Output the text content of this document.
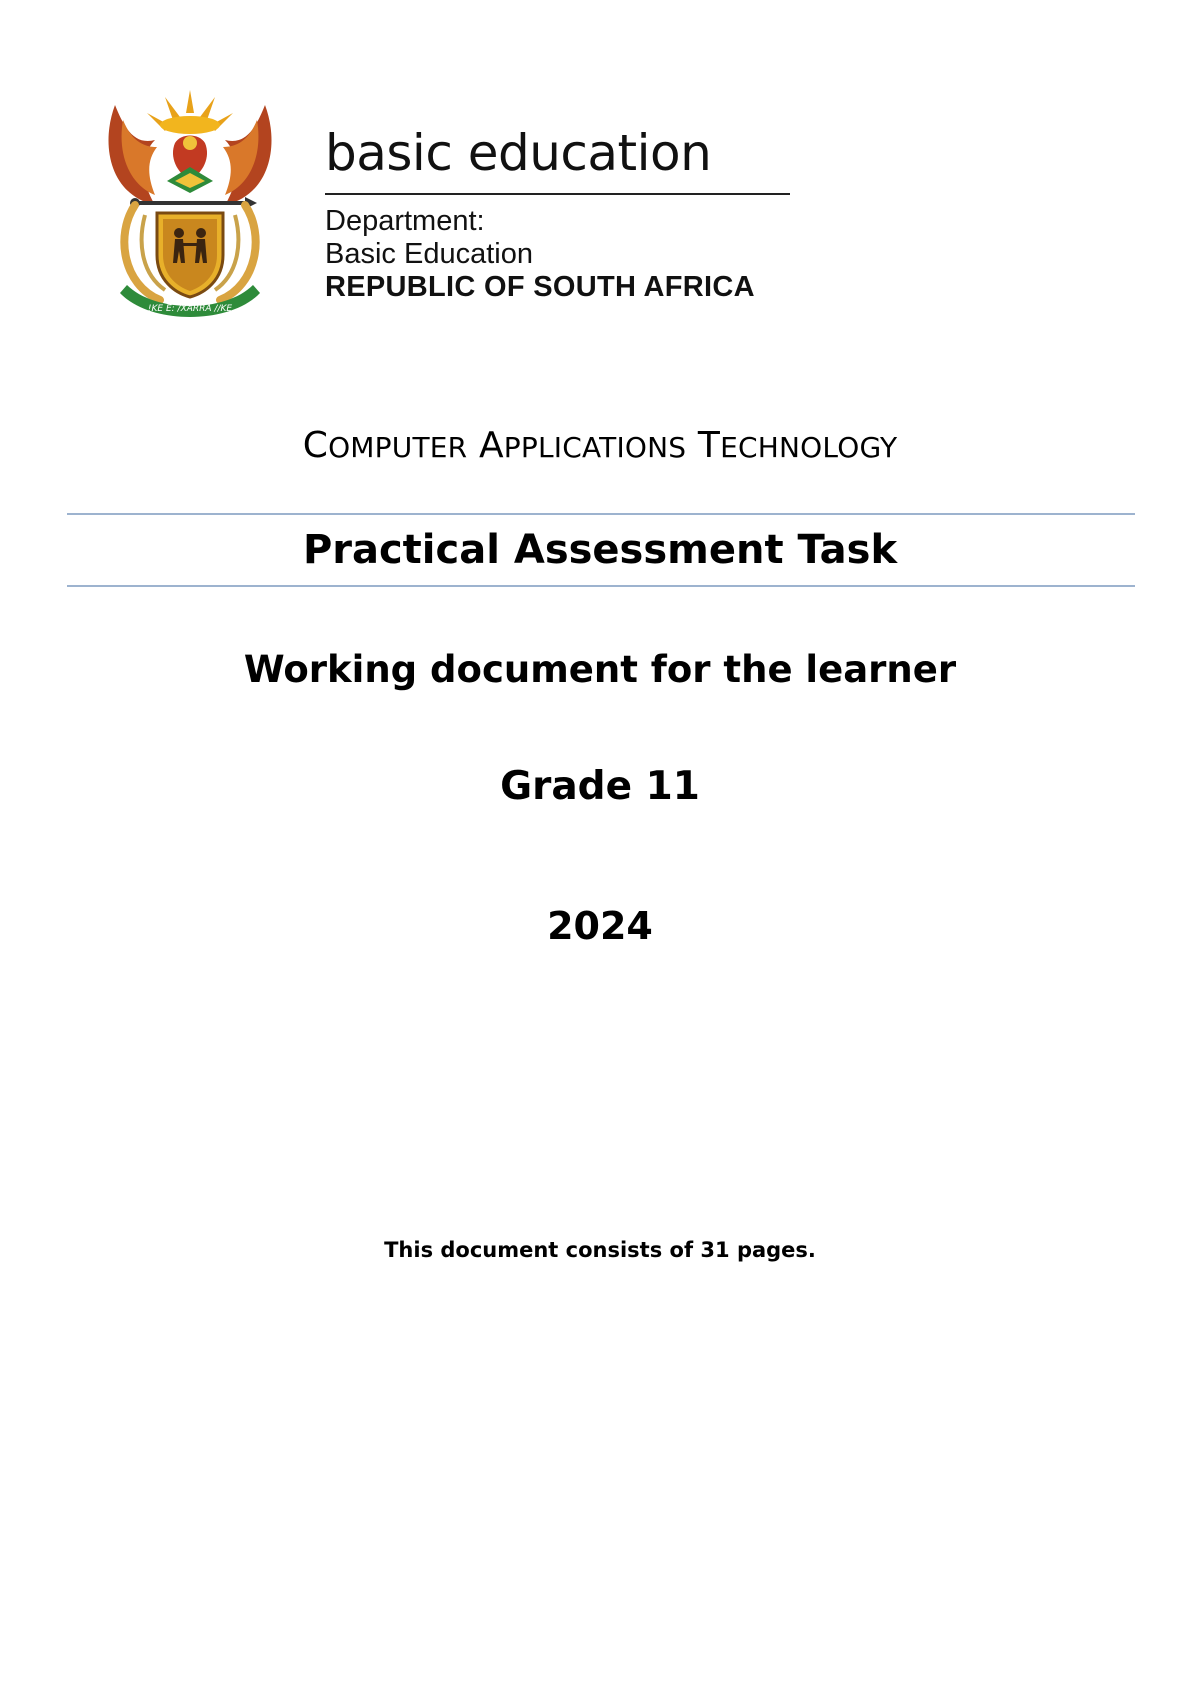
!KE E: /XARRA //KE
basic education
Department:
Basic Education
REPUBLIC OF SOUTH AFRICA
COMPUTER APPLICATIONS TECHNOLOGY
Practical Assessment Task
Working document for the learner
Grade 11
2024
This document consists of 31 pages.
